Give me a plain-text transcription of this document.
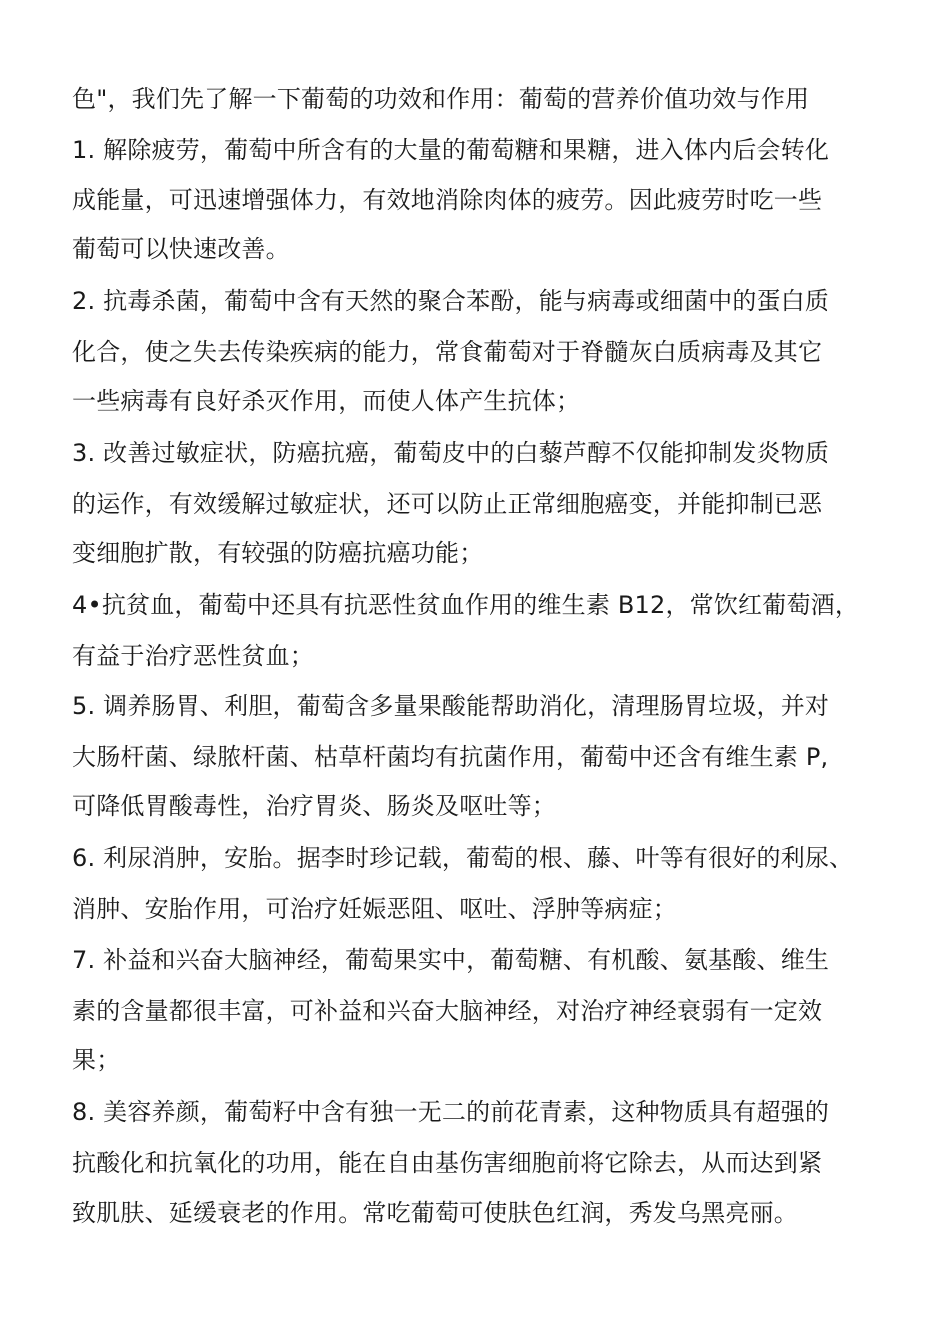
色"，我们先了解一下葡萄的功效和作用：葡萄的营养价值功效与作用
1. 解除疲劳，葡萄中所含有的大量的葡萄糖和果糖，进入体内后会转化
成能量，可迅速增强体力，有效地消除肉体的疲劳。因此疲劳时吃一些
葡萄可以快速改善。
2. 抗毒杀菌，葡萄中含有天然的聚合苯酚，能与病毒或细菌中的蛋白质
化合，使之失去传染疾病的能力，常食葡萄对于脊髓灰白质病毒及其它
一些病毒有良好杀灭作用，而使人体产生抗体；
3. 改善过敏症状，防癌抗癌，葡萄皮中的白藜芦醇不仅能抑制发炎物质
的运作，有效缓解过敏症状，还可以防止正常细胞癌变，并能抑制已恶
变细胞扩散，有较强的防癌抗癌功能；
4•抗贫血，葡萄中还具有抗恶性贫血作用的维生素 B12，常饮红葡萄酒，
有益于治疗恶性贫血；
5. 调养肠胃、利胆，葡萄含多量果酸能帮助消化，清理肠胃垃圾，并对
大肠杆菌、绿脓杆菌、枯草杆菌均有抗菌作用，葡萄中还含有维生素 P,
可降低胃酸毒性，治疗胃炎、肠炎及呕吐等；
6. 利尿消肿，安胎。据李时珍记载，葡萄的根、藤、叶等有很好的利尿、
消肿、安胎作用，可治疗妊娠恶阻、呕吐、浮肿等病症；
7. 补益和兴奋大脑神经，葡萄果实中，葡萄糖、有机酸、氨基酸、维生
素的含量都很丰富，可补益和兴奋大脑神经，对治疗神经衰弱有一定效
果；
8. 美容养颜，葡萄籽中含有独一无二的前花青素，这种物质具有超强的
抗酸化和抗氧化的功用，能在自由基伤害细胞前将它除去，从而达到紧
致肌肤、延缓衰老的作用。常吃葡萄可使肤色红润，秀发乌黑亮丽。
